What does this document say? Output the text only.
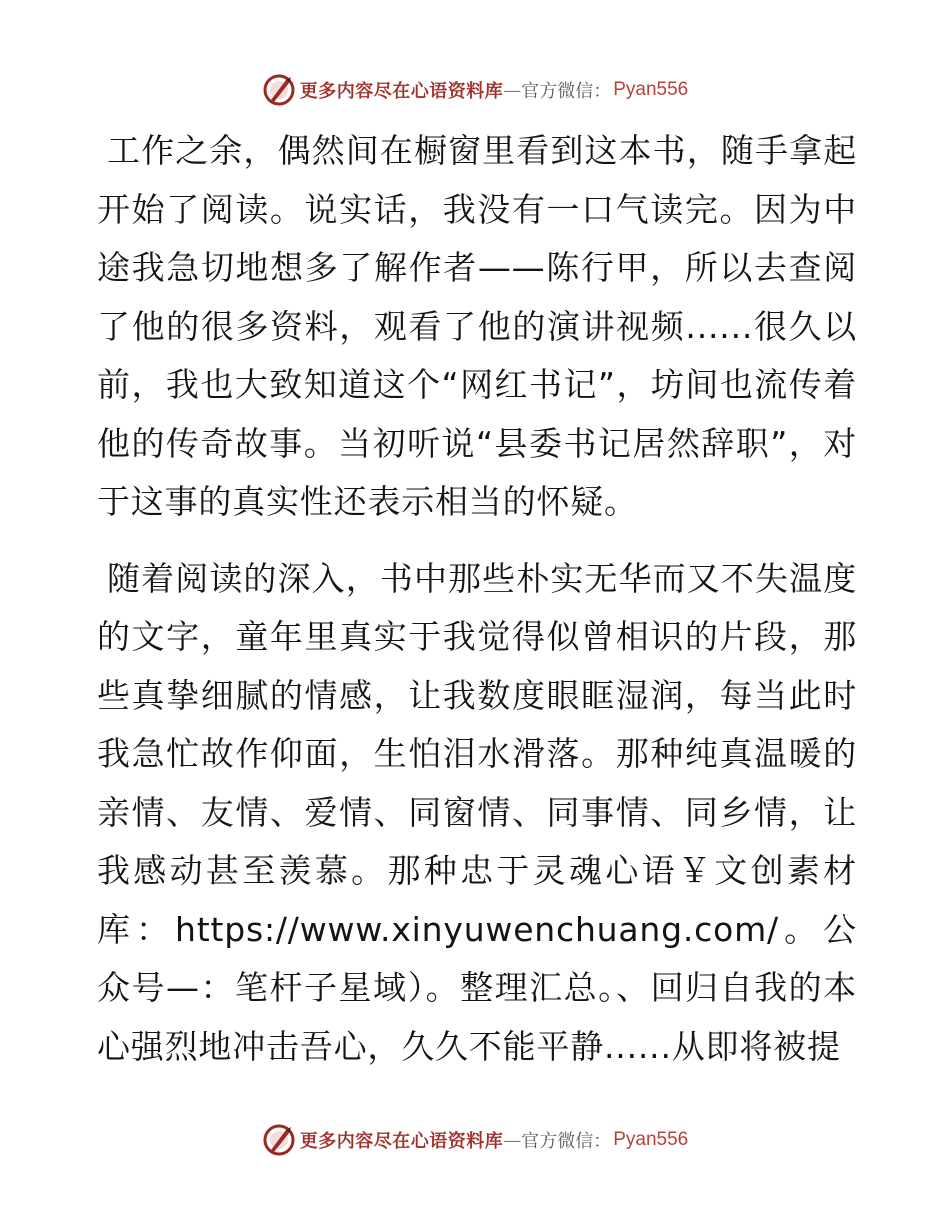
更多内容尽在心语资料库 — 官方微信： Pyan556

工作之余，偶然间在橱窗里看到这本书，随手拿起开始了阅读。说实话，我没有一口气读完。因为中途我急切地想多了解作者——陈行甲，所以去查阅了他的很多资料，观看了他的演讲视频......很久以前，我也大致知道这个“网红书记”，坊间也流传着他的传奇故事。当初听说“县委书记居然辞职”，对于这事的真实性还表示相当的怀疑。

随着阅读的深入，书中那些朴实无华而又不失温度的文字，童年里真实于我觉得似曾相识的片段，那些真挚细腻的情感，让我数度眼眶湿润，每当此时我急忙故作仰面，生怕泪水滑落。那种纯真温暖的亲情、友情、爱情、同窗情、同事情、同乡情，让我感动甚至羡慕。那种忠于灵魂心语￥文创素材库：https://www.xinyuwenchuang.com/。公众号—：笔杆子星域）。整理汇总。、回归自我的本心强烈地冲击吾心，久久不能平静......从即将被提

更多内容尽在心语资料库 — 官方微信： Pyan556
